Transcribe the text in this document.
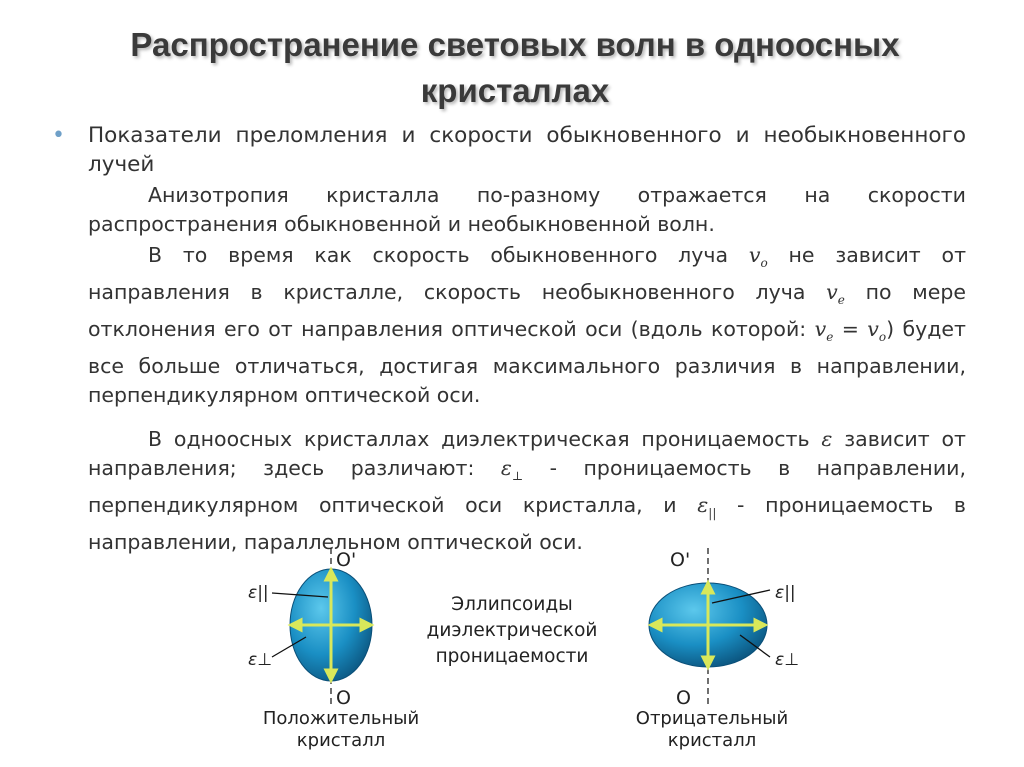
Распространение световых волн в одноосных кристаллах
• Показатели преломления и скорости обыкновенного и необыкновенного лучей
Анизотропия кристалла по-разному отражается на скорости распространения обыкновенной и необыкновенной волн.
В то время как скорость обыкновенного луча $v_o$ не зависит от направления в кристалле, скорость необыкновенного луча $v_e$ по мере отклонения его от направления оптической оси (вдоль которой: $v_e = v_o$) будет все больше отличаться, достигая максимального различия в направлении, перпендикулярном оптической оси.
В одноосных кристаллах диэлектрическая проницаемость ε зависит от направления; здесь различают: $\varepsilon_\perp$ - проницаемость в направлении, перпендикулярном оптической оси кристалла, и $\varepsilon_{||}$ - проницаемость в направлении, параллельном оптической оси.
O'
O
ε||
ε⊥
Положительный
кристалл
Эллипсоиды
диэлектрической
проницаемости
O'
O
ε||
ε⊥
Отрицательный
кристалл
